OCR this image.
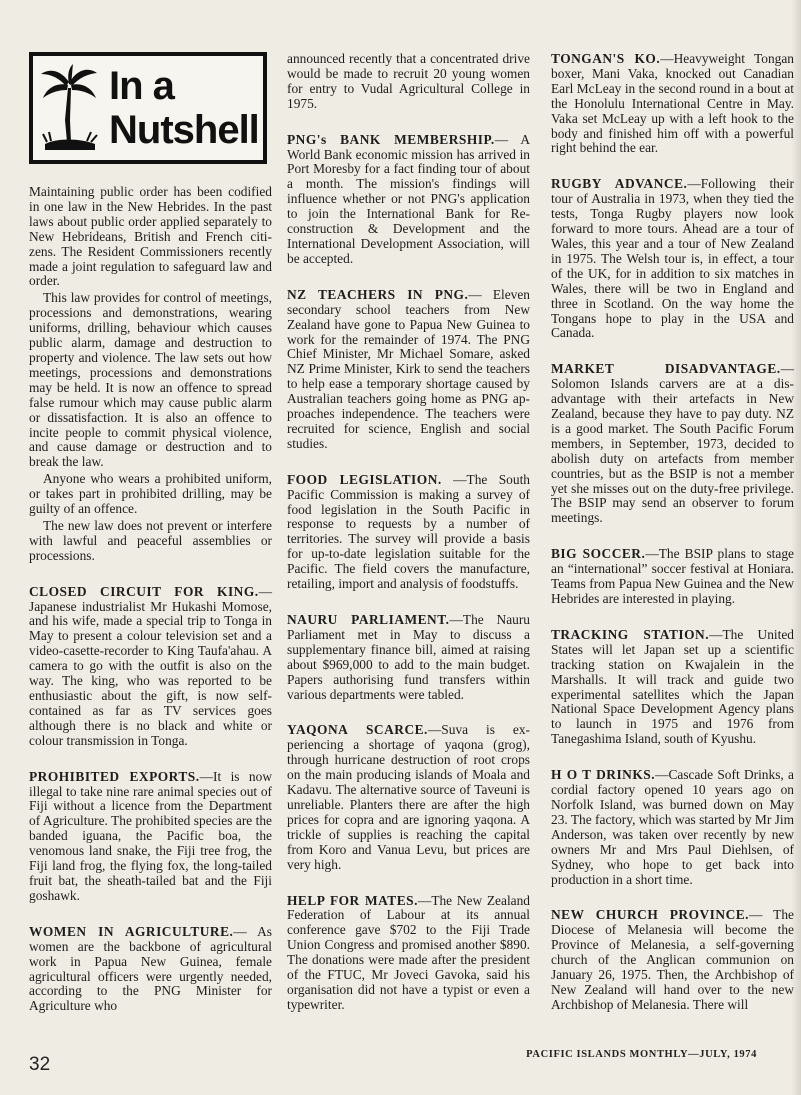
In a
Nutshell

Maintaining public order has been codified in one law in the New Hebrides. In the past laws about public order applied separately to New Hebrideans, British and French citizens. The Resident Commissioners recently made a joint regulation to safeguard law and order.

This law provides for control of meetings, processions and demonstrations, wearing uniforms, drilling, behaviour which causes public alarm, damage and destruction to property and violence. The law sets out how meetings, processions and demonstrations may be held. It is now an offence to spread false rumour which may cause public alarm or dissatisfaction. It is also an offence to incite people to commit physical violence, and cause damage or destruction and to break the law.

Anyone who wears a prohibited uniform, or takes part in prohibited drilling, may be guilty of an offence.

The new law does not prevent or interfere with lawful and peaceful assemblies or processions.

CLOSED CIRCUIT FOR KING.—Japanese industrialist Mr Hukashi Momose, and his wife, made a special trip to Tonga in May to present a colour television set and a video-casette-recorder to King Taufa'ahau. A camera to go with the outfit is also on the way. The king, who was reported to be enthusiastic about the gift, is now self-contained as far as TV services goes although there is no black and white or colour transmission in Tonga.

PROHIBITED EXPORTS.—It is now illegal to take nine rare animal species out of Fiji without a licence from the Department of Agriculture. The prohibited species are the banded iguana, the Pacific boa, the venomous land snake, the Fiji tree frog, the Fiji land frog, the flying fox, the long-tailed fruit bat, the sheath-tailed bat and the Fiji goshawk.

WOMEN IN AGRICULTURE.— As women are the backbone of agricultural work in Papua New Guinea, female agricultural officers were urgently needed, according to the PNG Minister for Agriculture who

announced recently that a concentrated drive would be made to recruit 20 young women for entry to Vudal Agricultural College in 1975.

PNG's BANK MEMBERSHIP.— A World Bank economic mission has arrived in Port Moresby for a fact finding tour of about a month. The mission's findings will influence whether or not PNG's application to join the International Bank for Reconstruction & Development and the International Development Association, will be accepted.

NZ TEACHERS IN PNG.— Eleven secondary school teachers from New Zealand have gone to Papua New Guinea to work for the remainder of 1974. The PNG Chief Minister, Mr Michael Somare, asked NZ Prime Minister, Kirk to send the teachers to help ease a temporary shortage caused by Australian teachers going home as PNG approaches independence. The teachers were recruited for science, English and social studies.

FOOD LEGISLATION. —The South Pacific Commission is making a survey of food legislation in the South Pacific in response to requests by a number of territories. The survey will provide a basis for up-to-date legislation suitable for the Pacific. The field covers the manufacture, retailing, import and analysis of foodstuffs.

NAURU PARLIAMENT.—The Nauru Parliament met in May to discuss a supplementary finance bill, aimed at raising about $969,000 to add to the main budget. Papers authorising fund transfers within various departments were tabled.

YAQONA SCARCE.—Suva is experiencing a shortage of yaqona (grog), through hurricane destruction of root crops on the main producing islands of Moala and Kadavu. The alternative source of Taveuni is unreliable. Planters there are after the high prices for copra and are ignoring yaqona. A trickle of supplies is reaching the capital from Koro and Vanua Levu, but prices are very high.

HELP FOR MATES.—The New Zealand Federation of Labour at its annual conference gave $702 to the Fiji Trade Union Congress and promised another $890. The donations were made after the president of the FTUC, Mr Joveci Gavoka, said his organisation did not have a typist or even a typewriter.

TONGAN'S KO.—Heavyweight Tongan boxer, Mani Vaka, knocked out Canadian Earl McLeay in the second round in a bout at the Honolulu International Centre in May. Vaka set McLeay up with a left hook to the body and finished him off with a powerful right behind the ear.

RUGBY ADVANCE.—Following their tour of Australia in 1973, when they tied the tests, Tonga Rugby players now look forward to more tours. Ahead are a tour of Wales, this year and a tour of New Zealand in 1975. The Welsh tour is, in effect, a tour of the UK, for in addition to six matches in Wales, there will be two in England and three in Scotland. On the way home the Tongans hope to play in the USA and Canada.

MARKET DISADVANTAGE.— Solomon Islands carvers are at a disadvantage with their artefacts in New Zealand, because they have to pay duty. NZ is a good market. The South Pacific Forum members, in September, 1973, decided to abolish duty on artefacts from member countries, but as the BSIP is not a member yet she misses out on the duty-free privilege. The BSIP may send an observer to forum meetings.

BIG SOCCER.—The BSIP plans to stage an “international” soccer festival at Honiara. Teams from Papua New Guinea and the New Hebrides are interested in playing.

TRACKING STATION.—The United States will let Japan set up a scientific tracking station on Kwajalein in the Marshalls. It will track and guide two experimental satellites which the Japan National Space Development Agency plans to launch in 1975 and 1976 from Tanegashima Island, south of Kyushu.

H O T DRINKS.—Cascade Soft Drinks, a cordial factory opened 10 years ago on Norfolk Island, was burned down on May 23. The factory, which was started by Mr Jim Anderson, was taken over recently by new owners Mr and Mrs Paul Diehlsen, of Sydney, who hope to get back into production in a short time.

NEW CHURCH PROVINCE.— The Diocese of Melanesia will become the Province of Melanesia, a self-governing church of the Anglican communion on January 26, 1975. Then, the Archbishop of New Zealand will hand over to the new Archbishop of Melanesia. There will

32	PACIFIC ISLANDS MONTHLY—JULY, 1974
